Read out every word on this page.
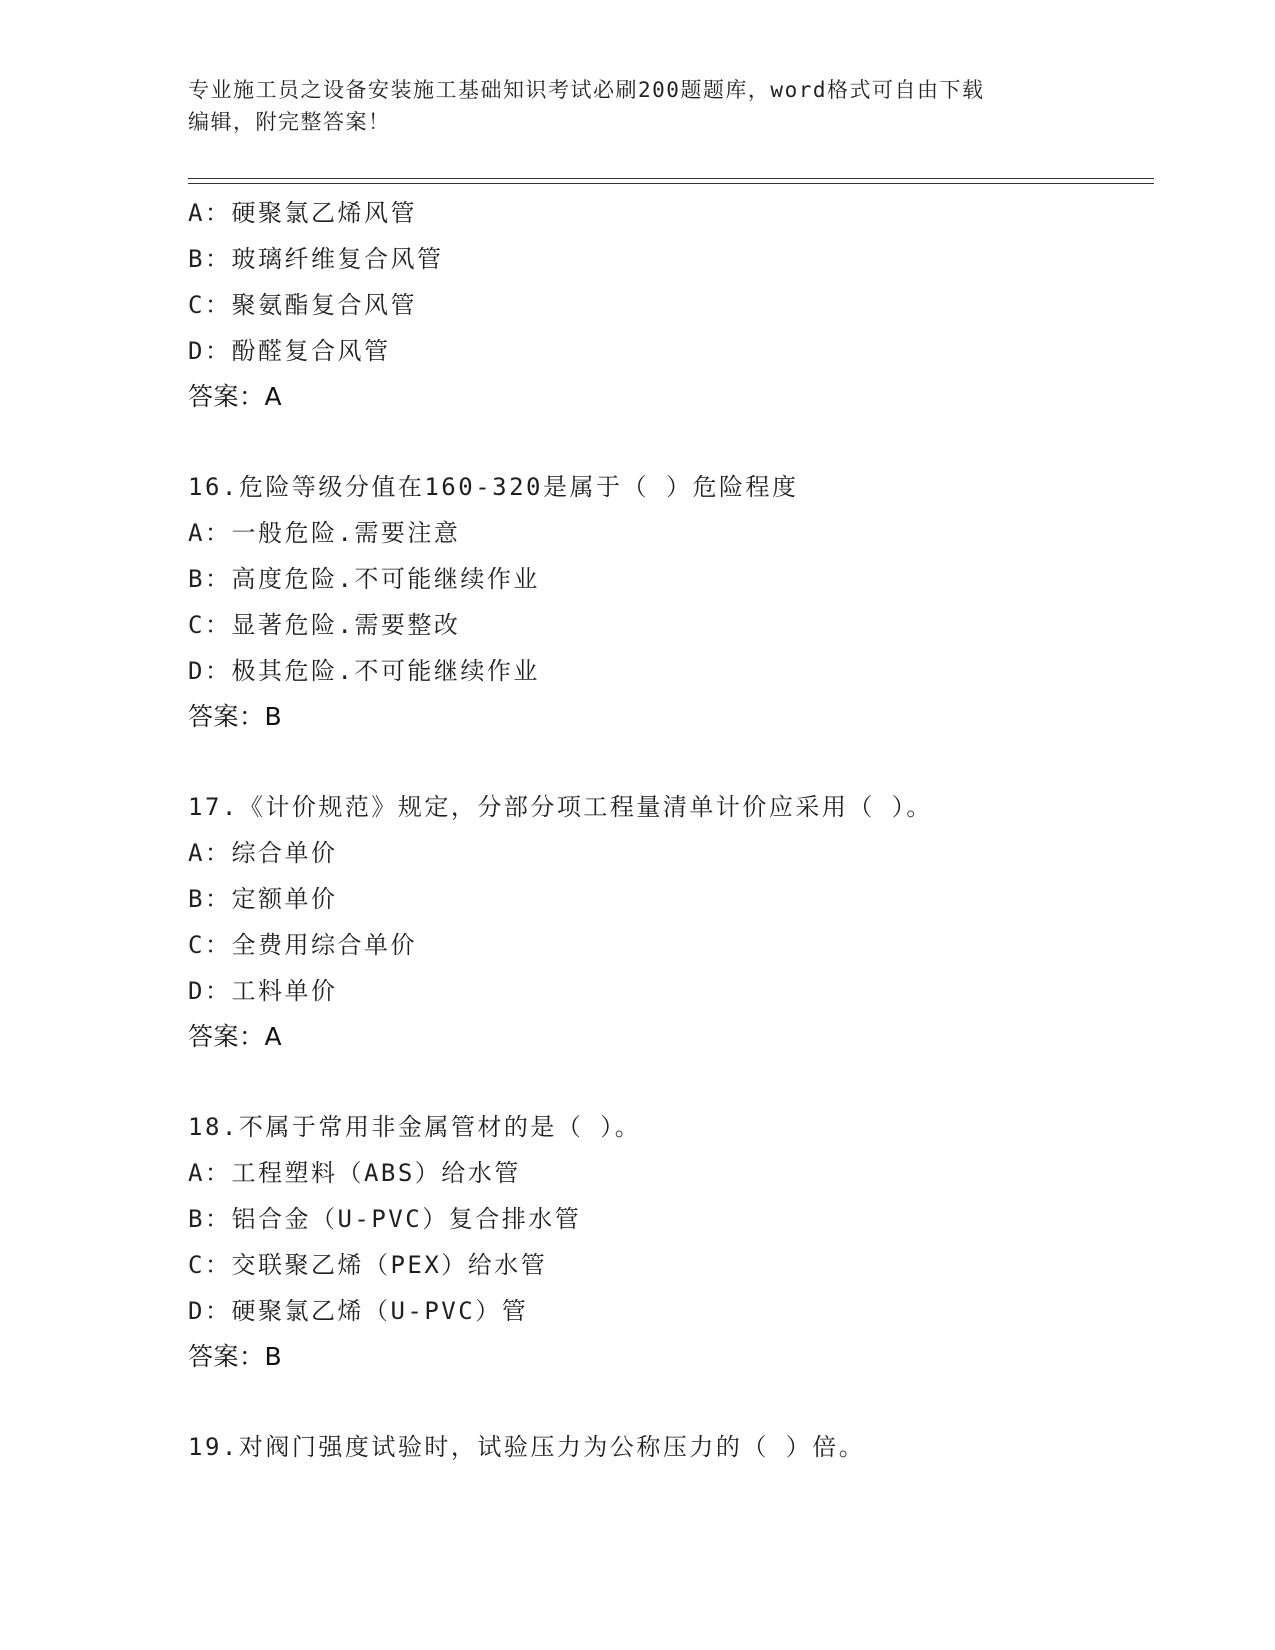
专业施工员之设备安装施工基础知识考试必刷200题题库，word格式可自由下载
编辑，附完整答案！
A：硬聚氯乙烯风管
B：玻璃纤维复合风管
C：聚氨酯复合风管
D：酚醛复合风管
答案：A
16.危险等级分值在160-320是属于（ ）危险程度
A：一般危险.需要注意
B：高度危险.不可能继续作业
C：显著危险.需要整改
D：极其危险.不可能继续作业
答案：B
17.《计价规范》规定，分部分项工程量清单计价应采用（ ）。
A：综合单价
B：定额单价
C：全费用综合单价
D：工料单价
答案：A
18.不属于常用非金属管材的是（ ）。
A：工程塑料（ABS）给水管
B：铝合金（U-PVC）复合排水管
C：交联聚乙烯（PEX）给水管
D：硬聚氯乙烯（U-PVC）管
答案：B
19.对阀门强度试验时，试验压力为公称压力的（ ）倍。
